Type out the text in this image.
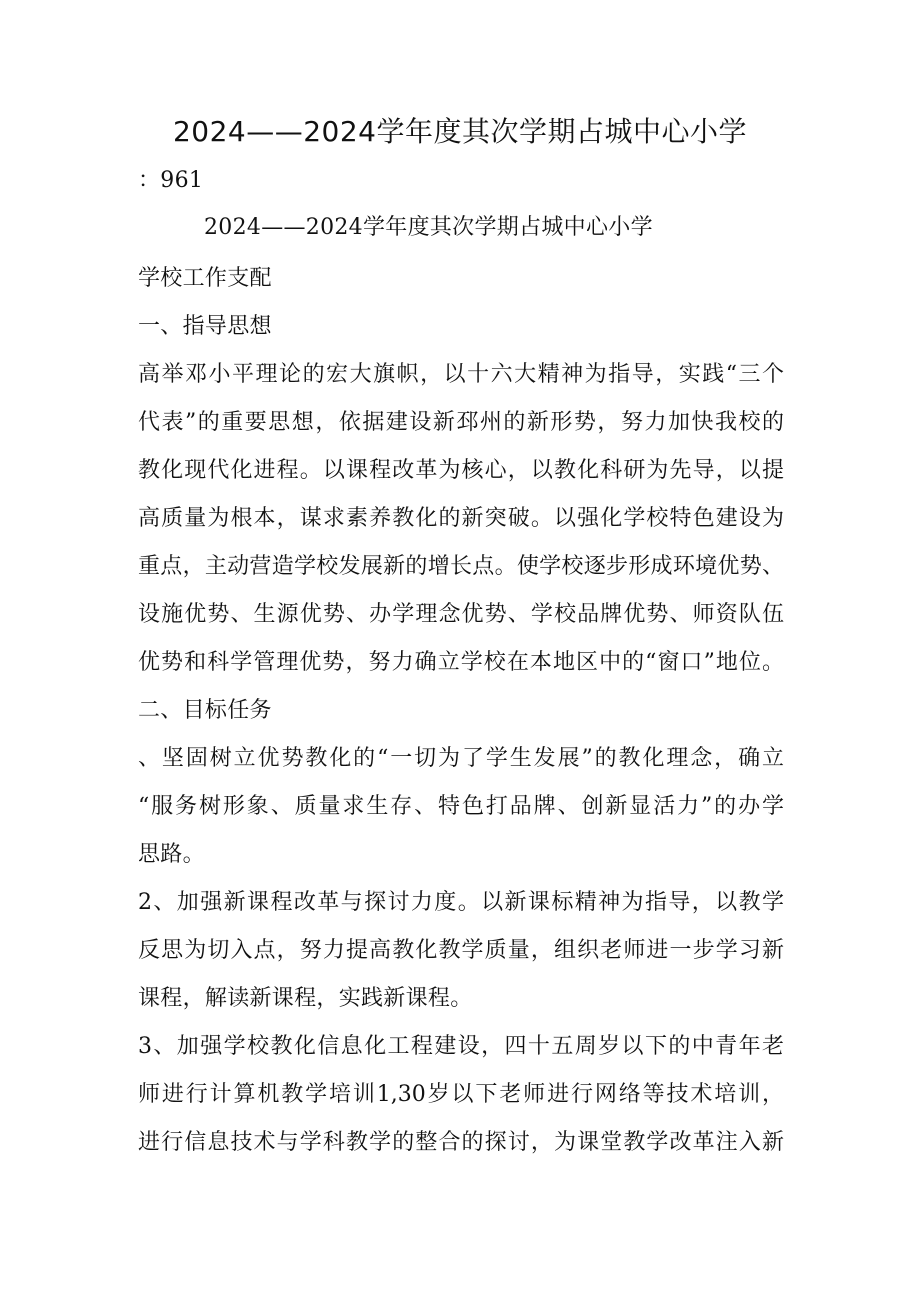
2024——2024学年度其次学期占城中心小学
：961
2024——2024学年度其次学期占城中心小学
学校工作支配
一、指导思想
高举邓小平理论的宏大旗帜，以十六大精神为指导，实践“三个
代表”的重要思想，依据建设新邳州的新形势，努力加快我校的
教化现代化进程。以课程改革为核心，以教化科研为先导，以提
高质量为根本，谋求素养教化的新突破。以强化学校特色建设为
重点，主动营造学校发展新的增长点。使学校逐步形成环境优势、
设施优势、生源优势、办学理念优势、学校品牌优势、师资队伍
优势和科学管理优势，努力确立学校在本地区中的“窗口”地位。
二、目标任务
、坚固树立优势教化的“一切为了学生发展”的教化理念，确立
“服务树形象、质量求生存、特色打品牌、创新显活力”的办学
思路。
2、加强新课程改革与探讨力度。以新课标精神为指导，以教学
反思为切入点，努力提高教化教学质量，组织老师进一步学习新
课程，解读新课程，实践新课程。
3、加强学校教化信息化工程建设，四十五周岁以下的中青年老
师进行计算机教学培训1,30岁以下老师进行网络等技术培训，
进行信息技术与学科教学的整合的探讨，为课堂教学改革注入新
